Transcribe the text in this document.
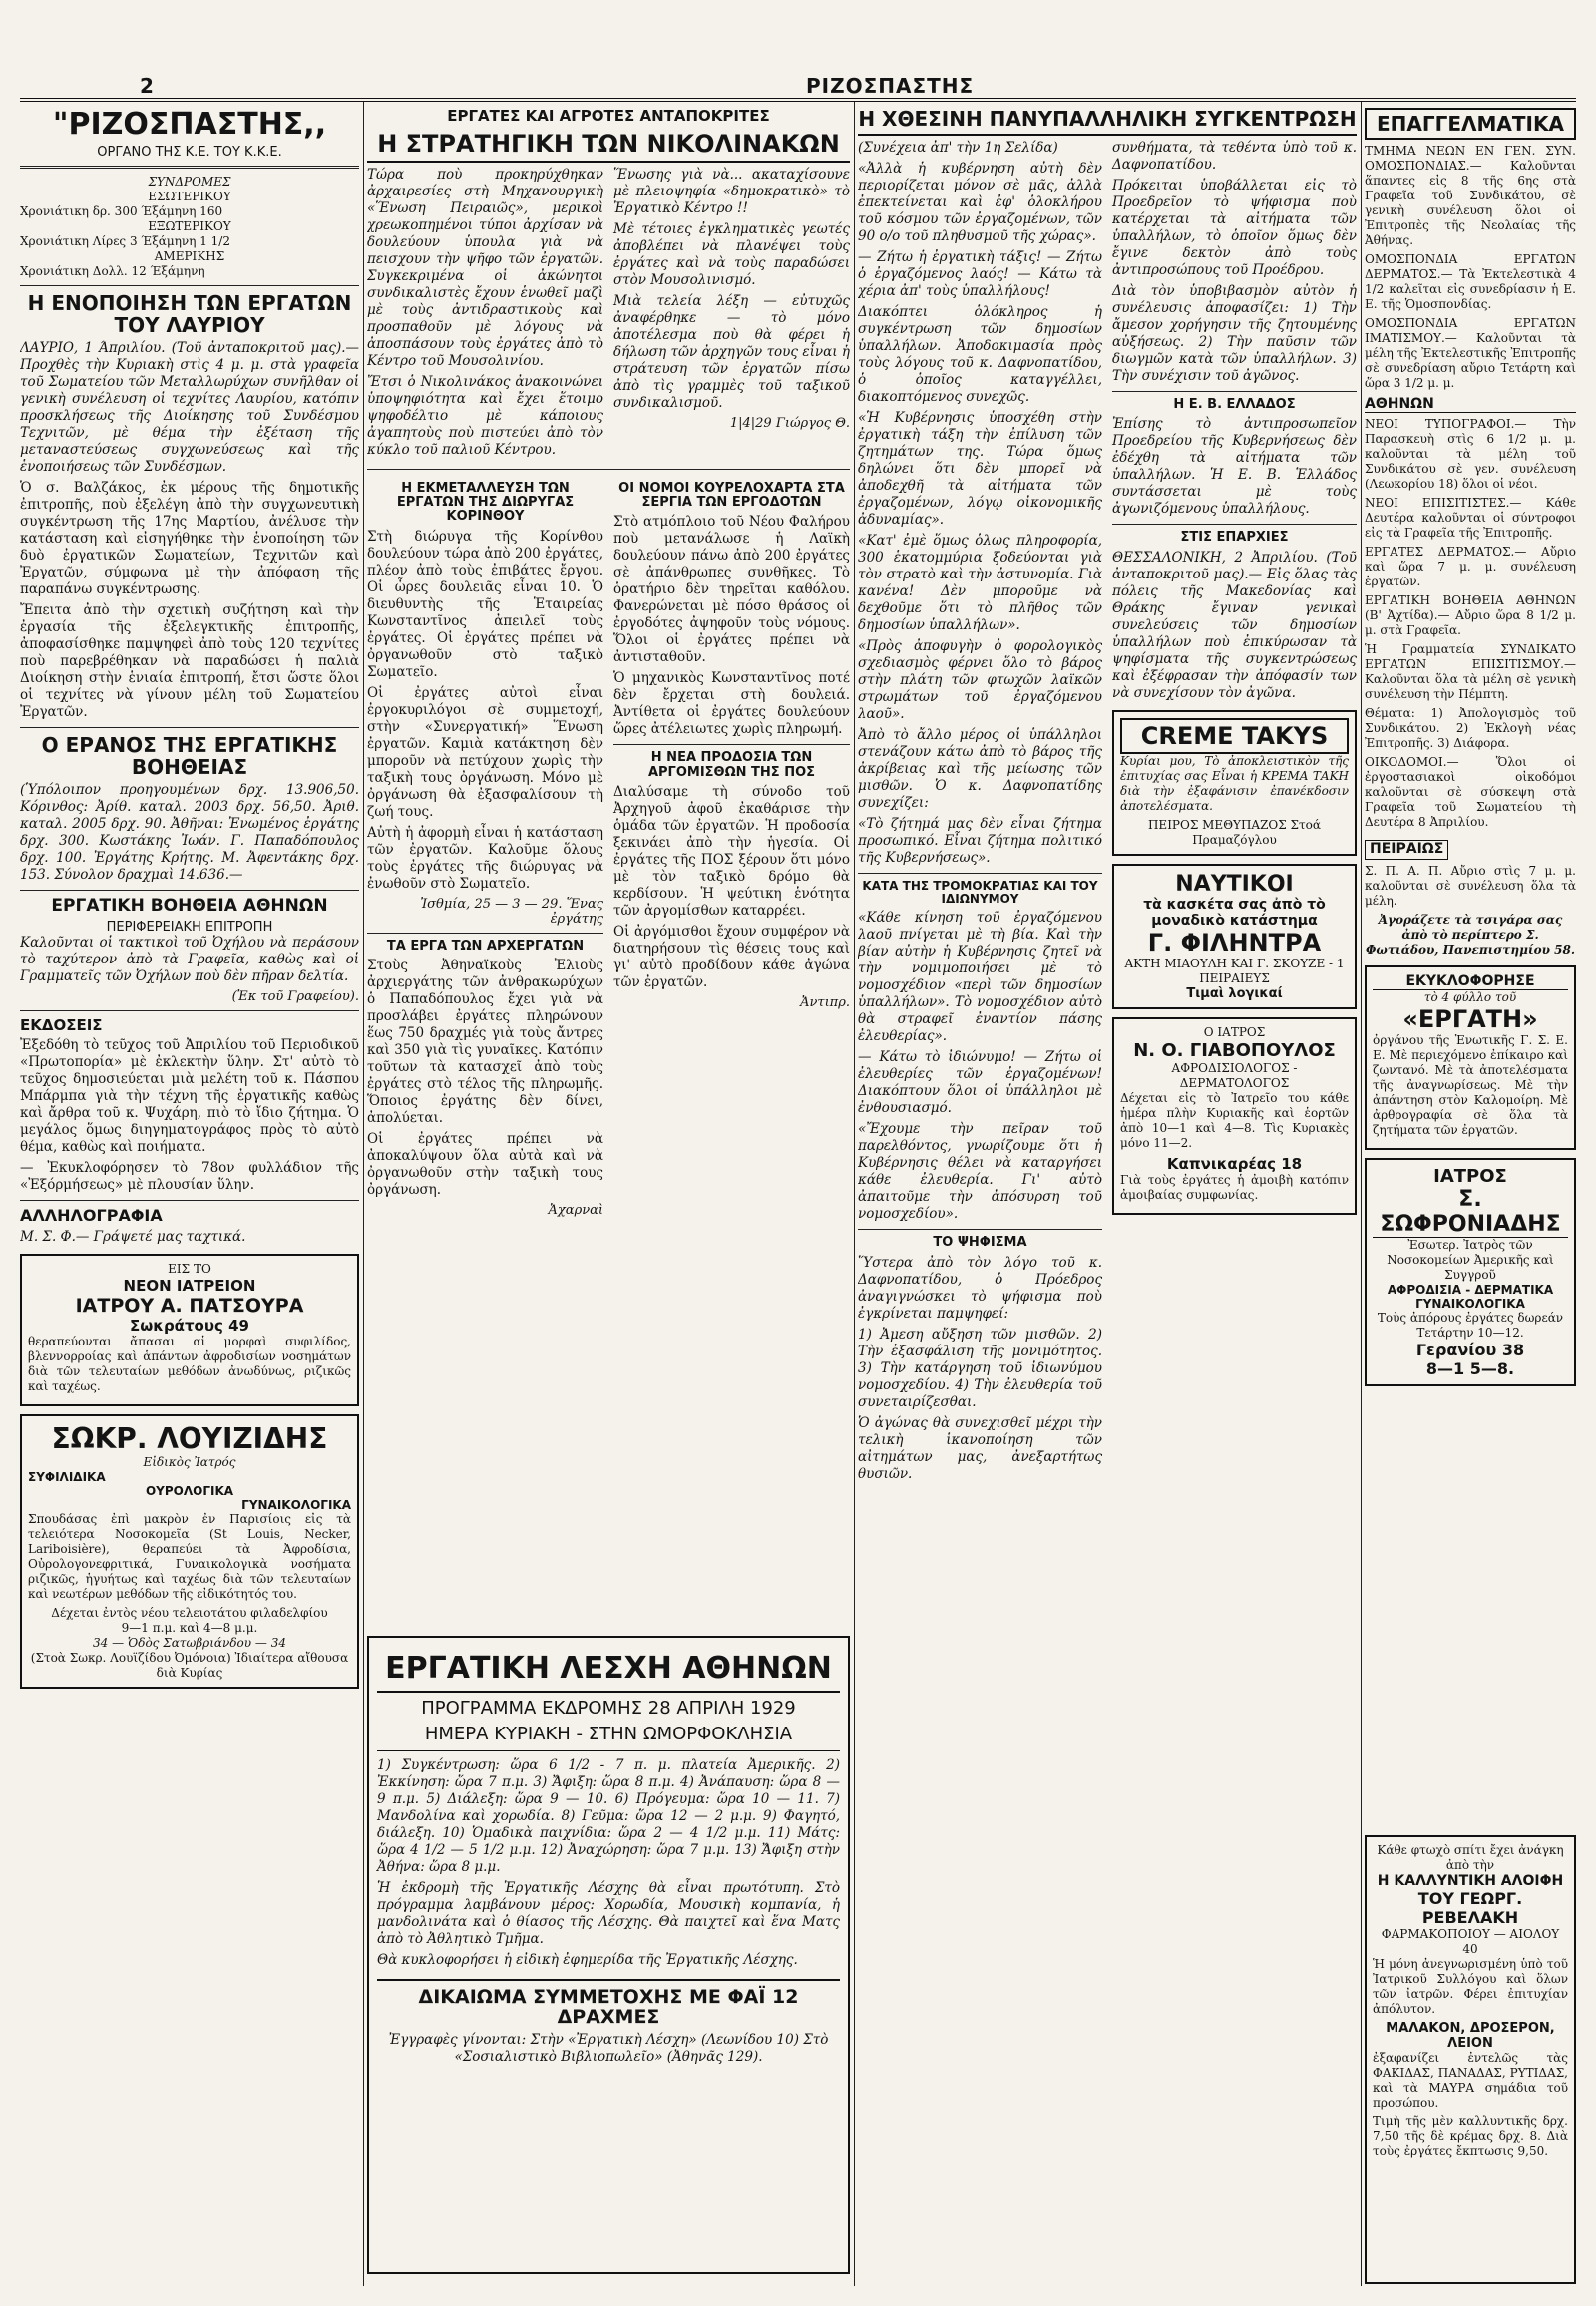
2	ΡΙΖΟΣΠΑΣΤΗΣ
"ΡΙΖΟΣΠΑΣΤΗΣ,,
ΟΡΓΑΝΟ ΤΗΣ Κ.Ε. ΤΟΥ Κ.Κ.Ε.
ΣΥΝΔΡΟΜΕΣ
ΕΣΩΤΕΡΙΚΟΥ
Χρονιάτικη δρ. 300 Έξάμηνη 160
ΕΞΩΤΕΡΙΚΟΥ
Χρονιάτικη Λίρες 3 Έξάμηνη 1 1/2
ΑΜΕΡΙΚΗΣ
Χρονιάτικη Δολλ. 12 Έξάμηνη
Η ΕΝΟΠΟΙΗΣΗ ΤΩΝ ΕΡΓΑΤΩΝ ΤΟΥ ΛΑΥΡΙΟΥ

ΛΑΥΡΙΟ, 1 Άπριλίου. (Τοῦ ἀνταποκριτοῦ μας).— Προχθὲς τὴν Κυριακὴ στὶς 4 μ. μ. στὰ γραφεῖα τοῦ Σωματείου τῶν Μεταλλωρύχων συνῆλθαν οἱ γενικὴ συνέλευση οἱ τεχνίτες Λαυρίου, κατόπιν προσκλήσεως τῆς Διοίκησης τοῦ Συνδέσμου Τεχνιτῶν, μὲ θέμα τὴν ἐξέταση τῆς μεταναστεύσεως συγχωνεύσεως καὶ τῆς ἑνοποιήσεως τῶν Συνδέσμων.

Ὁ σ. Βαλζάκος, ἐκ μέρους τῆς δηµοτικῆς ἐπιτροπῆς, ποὺ ἐξελέγη ἀπὸ τὴν συγχωνευτικὴ συγκέντρωση τῆς 17ης Μαρτίου, ἀνέλυσε τὴν κατάσταση καὶ εἰσηγήθηκε τὴν ἑνοποίηση τῶν δυὸ ἐργατικῶν Σωματείων, Τεχνιτῶν καὶ Ἐργατῶν, σύμφωνα μὲ τὴν ἀπόφαση τῆς παραπάνω συγκέντρωσης.

Ἔπειτα ἀπὸ τὴν σχετικὴ συζήτηση καὶ τὴν ἐργασία τῆς ἐξελεγκτικῆς ἐπιτροπῆς, ἀποφασίσθηκε παμψηφεὶ ἀπὸ τοὺς 120 τεχνίτες ποὺ παρεβρέθηκαν νὰ παραδώσει ἡ παλιὰ Διοίκηση στὴν ἑνιαία ἐπιτροπή, ἔτσι ὥστε ὅλοι οἱ τεχνίτες νὰ γίνουν μέλη τοῦ Σωματείου Ἐργατῶν.

Ο ΕΡΑΝΟΣ ΤΗΣ ΕΡΓΑΤΙΚΗΣ ΒΟΗΘΕΙΑΣ

(Ὑπόλοιπον προηγουμένων δρχ. 13.906,50. Κόρινθος: Ἀρίθ. καταλ. 2003 δρχ. 56,50. Ἀριθ. καταλ. 2005 δρχ. 90. Ἀθῆναι: Ἐνωμένος ἐργάτης δρχ. 300. Κωστάκης Ἰωάν. Γ. Παπαδόπουλος δρχ. 100. Ἐργάτης Κρήτης. Μ. Ἀφεντάκης δρχ. 153. Σύνολον δραχμαὶ 14.636.—

ΕΡΓΑΤΙΚΗ ΒΟΗΘΕΙΑ ΑΘΗΝΩΝ
ΠΕΡΙΦΕΡΕΙΑΚΗ ΕΠΙΤΡΟΠΗ

Καλοῦνται οἱ τακτικοὶ τοῦ Ὀχήλου νὰ περάσουν τὸ ταχύτερον ἀπὸ τὰ Γραφεῖα, καθὼς καὶ οἱ Γραμματεῖς τῶν Ὀχήλων ποὺ δὲν πῆραν δελτία.

(Ἐκ τοῦ Γραφείου).
ΕΚΔΟΣΕΙΣ

Ἐξεδόθη τὸ τεῦχος τοῦ Ἀπριλίου τοῦ Περιοδικοῦ «Πρωτοπορία» μὲ ἐκλεκτὴν ὕλην. Στ' αὐτὸ τὸ τεῦχος δημοσιεύεται μιὰ μελέτη τοῦ κ. Πάσπου Μπάρμπα γιὰ τὴν τέχνη τῆς ἐργατικῆς καθὼς καὶ ἄρθρα τοῦ κ. Ψυχάρη, πιὸ τὸ ἴδιο ζήτημα. Ὁ μεγάλος ὅμως διηγηματογράφος πρὸς τὸ αὐτὸ θέμα, καθὼς καὶ ποιήματα.

— Ἐκυκλοφόρησεν τὸ 78ον φυλλάδιον τῆς «Ἐξόρμήσεως» μὲ πλουσίαν ὕλην.

ΑΛΛΗΛΟΓΡΑΦΙΑ

Μ. Σ. Φ.— Γράψετέ μας ταχτικά.

ΕΙΣ ΤΟ
ΝΕΟΝ ΙΑΤΡΕΙΟΝ
ΙΑΤΡΟΥ Α. ΠΑΤΣΟΥΡΑ
Σωκράτους 49

θεραπεύονται ἄπασαι αἱ μορφαὶ συφιλίδος, βλεννορροίας καὶ ἁπάντων ἀφροδισίων νοσημάτων διὰ τῶν τελευταίων μεθόδων ἀνωδύνως, ριζικῶς καὶ ταχέως.

ΣΩΚΡ. ΛΟΥΙΖΙΔΗΣ
Εἰδικὸς Ἰατρός
ΣΥΦΙΛΙΔΙΚΑ
ΟΥΡΟΛΟΓΙΚΑ
ΓΥΝΑΙΚΟΛΟΓΙΚΑ

Σπουδάσας ἐπὶ μακρὸν ἐν Παρισίοις εἰς τὰ τελειότερα Νοσοκομεῖα (St Louis, Necker, Lariboisière), θεραπεύει τὰ Ἀφροδίσια, Οὐρολογονεφριτικά, Γυναικολογικὰ νοσήματα ριζικῶς, ἡγυήτως καὶ ταχέως διὰ τῶν τελευταίων καὶ νεωτέρων μεθόδων τῆς εἰδικότητός του.

Δέχεται ἐντὸς νέου τελειοτάτου φιλαδελφίου
9—1 π.μ. καὶ 4—8 μ.μ.
34 — Ὁδὸς Σατωβριάνδου — 34
(Στοὰ Σωκρ. Λουϊζίδου Ὀμόνοια) Ἰδιαίτερα αἴθουσα διὰ Κυρίας
ΕΡΓΑΤΕΣ ΚΑΙ ΑΓΡΟΤΕΣ ΑΝΤΑΠΟΚΡΙΤΕΣ
Η ΣΤΡΑΤΗΓΙΚΗ ΤΩΝ ΝΙΚΟΛΙΝΑΚΩΝ

Τώρα ποὺ προκηρύχθηκαν ἀρχαιρεσίες στὴ Μηχανουργικὴ «Ἕνωση Πειραιῶς», μερικοὶ χρεωκοπημένοι τύποι ἀρχίσαν νὰ δουλεύουν ὑπουλα γιὰ νὰ πεισχουν τὴν ψῆφο τῶν ἐργατῶν. Συγκεκριμένα οἱ ἀκώνητοι συνδικαλιστὲς ἔχουν ἑνωθεῖ μαζὶ μὲ τοὺς ἀντιδραστικοὺς καὶ προσπαθοῦν μὲ λόγους νὰ ἀποσπάσουν τοὺς ἐργάτες ἀπὸ τὸ Κέντρο τοῦ Μουσολινίου.

Ἔτσι ὁ Νικολινάκος ἀνακοινώνει ὑποψηφιότητα καὶ ἔχει ἕτοιμο ψηφοδέλτιο μὲ κάποιους ἀγαπητοὺς ποὺ πιστεύει ἀπὸ τὸν κύκλο τοῦ παλιοῦ Κέντρου.

Ἕνωσης γιὰ νὰ... ακαταχίσουνε μὲ πλειοψηφία «δημοκρατικὸ» τὸ Ἐργατικὸ Κέντρο !!

Μὲ τέτοιες ἐγκληματικὲς γεωτές ἀποβλέπει νὰ πλανέψει τοὺς ἐργάτες καὶ νὰ τοὺς παραδώσει στὸν Μουσολινισμό.

Μιὰ τελεία λέξη — εὐτυχῶς ἀναφέρθηκε — τὸ μόνο ἀποτέλεσμα ποὺ θὰ φέρει ἡ δήλωση τῶν ἀρχηγῶν τους εἶναι ἡ στράτευση τῶν ἐργατῶν πίσω ἀπὸ τὶς γραμμὲς τοῦ ταξικοῦ συνδικαλισμοῦ.

1|4|29 Γιώργος Θ.
Η ΕΚΜΕΤΑΛΛΕΥΣΗ ΤΩΝ ΕΡΓΑΤΩΝ ΤΗΣ ΔΙΩΡΥΓΑΣ ΚΟΡΙΝΘΟΥ

Στὴ διώρυγα τῆς Κορίνθου δουλεύουν τώρα ἀπὸ 200 ἐργάτες, πλέον ἀπὸ τοὺς ἐπιβάτες ἔργου. Οἱ ὧρες δουλειᾶς εἶναι 10. Ὁ διευθυντὴς τῆς Ἑταιρείας Κωνσταντῖνος ἀπειλεῖ τοὺς ἐργάτες. Οἱ ἐργάτες πρέπει νὰ ὀργανωθοῦν στὸ ταξικὸ Σωματεῖο.

Οἱ ἐργάτες αὐτοὶ εἶναι ἐργοκυριλόγοι σὲ συμμετοχή, στὴν «Συνεργατική» Ἕνωση ἐργατῶν. Καμιὰ κατάκτηση δὲν μποροῦν νὰ πετύχουν χωρὶς τὴν ταξικὴ τους ὀργάνωση. Μόνο μὲ ὀργάνωση θὰ ἐξασφαλίσουν τὴ ζωή τους.

Αὐτὴ ἡ ἀφορμὴ εἶναι ἡ κατάσταση τῶν ἐργατῶν. Καλοῦμε ὅλους τοὺς ἐργάτες τῆς διώρυγας νὰ ἐνωθοῦν στὸ Σωματεῖο.

Ἰσθμία, 25 — 3 — 29. Ἕνας ἐργάτης
ΤΑ ΕΡΓΑ ΤΩΝ ΑΡΧΕΡΓΑΤΩΝ

Στοὺς Ἀθηναϊκοὺς Ἐλιοὺς ἀρχιεργάτης τῶν ἀνθρακωρύχων ὁ Παπαδόπουλος ἔχει γιὰ νὰ προσλάβει ἐργάτες πληρώνουν ἕως 750 δραχμές γιὰ τοὺς ἄντρες καὶ 350 γιὰ τὶς γυναῖκες. Κατόπιν τοῦτων τὰ κατασχεῖ ἀπὸ τοὺς ἐργάτες στὸ τέλος τῆς πληρωμῆς. Ὅποιος ἐργάτης δὲν δίνει, ἀπολύεται.

Οἱ ἐργάτες πρέπει νὰ ἀποκαλύψουν ὅλα αὐτὰ καὶ νὰ ὀργανωθοῦν στὴν ταξικὴ τους ὀργάνωση.

Ἀχαρναὶ
ΟΙ ΝΟΜΟΙ ΚΟΥΡΕΛΟΧΑΡΤΑ ΣΤΑ ΣΕΡΓΙΑ ΤΩΝ ΕΡΓΟΔΟΤΩΝ

Στὸ ατμόπλοιο τοῦ Νέου Φαλήρου ποὺ μετανάλωσε ἡ Λαϊκὴ δουλεύουν πάνω ἀπὸ 200 ἐργάτες σὲ ἀπάνθρωπες συνθῆκες. Τὸ ὁρατήριο δὲν τηρεῖται καθόλου. Φανερώνεται μὲ πόσο θράσος οἱ ἐργοδότες ἀψηφοῦν τοὺς νόμους. Ὅλοι οἱ ἐργάτες πρέπει νὰ ἀντισταθοῦν.

Ὁ μηχανικὸς Κωνσταντῖνος ποτέ δὲν ἔρχεται στὴ δουλειά. Ἀντίθετα οἱ ἐργάτες δουλεύουν ὥρες ἀτέλειωτες χωρὶς πληρωμή.

Η ΝΕΑ ΠΡΟΔΟΣΙΑ ΤΩΝ ΑΡΓΟΜΙΣΘΩΝ ΤΗΣ ΠΟΣ

Διαλύσαμε τὴ σύνοδο τοῦ Ἀρχηγοῦ ἀφοῦ ἐκαθάρισε τὴν ὁμάδα τῶν ἐργατῶν. Ἡ προδοσία ξεκινάει ἀπὸ τὴν ἡγεσία. Οἱ ἐργάτες τῆς ΠΟΣ ξέρουν ὅτι μόνο μὲ τὸν ταξικὸ δρόμο θὰ κερδίσουν. Ἡ ψεύτικη ἑνότητα τῶν ἀργομίσθων καταρρέει.

Οἱ ἀργόμισθοι ἔχουν συμφέρον νὰ διατηρήσουν τὶς θέσεις τους καὶ γι' αὐτὸ προδίδουν κάθε ἀγώνα τῶν ἐργατῶν.

Ἀντιπρ.
ΕΡΓΑΤΙΚΗ ΛΕΣΧΗ ΑΘΗΝΩΝ
ΠΡΟΓΡΑΜΜΑ ΕΚΔΡΟΜΗΣ 28 ΑΠΡΙΛΗ 1929
ΗΜΕΡΑ ΚΥΡΙΑΚΗ - ΣΤΗΝ ΩΜΟΡΦΟΚΛΗΣΙΑ

1) Συγκέντρωση: ὥρα 6 1/2 - 7 π. μ. πλατεία Ἀμερικῆς. 2) Ἐκκίνηση: ὥρα 7 π.μ. 3) Ἄφιξη: ὥρα 8 π.μ. 4) Ἀνάπαυση: ὥρα 8 — 9 π.μ. 5) Διάλεξη: ὥρα 9 — 10. 6) Πρόγευμα: ὥρα 10 — 11. 7) Μανδολίνα καὶ χορωδία. 8) Γεῦμα: ὥρα 12 — 2 μ.μ. 9) Φαγητό, διάλεξη. 10) Ὁμαδικὰ παιχνίδια: ὥρα 2 — 4 1/2 μ.μ. 11) Μάτς: ὥρα 4 1/2 — 5 1/2 μ.μ. 12) Ἀναχώρηση: ὥρα 7 μ.μ. 13) Ἄφιξη στὴν Ἀθήνα: ὥρα 8 μ.μ.

Ἡ ἐκδρομὴ τῆς Ἐργατικῆς Λέσχης θὰ εἶναι πρωτότυπη. Στὸ πρόγραμμα λαμβάνουν μέρος: Χορωδία, Μουσικὴ κομπανία, ἡ μανδολινάτα καὶ ὁ θίασος τῆς Λέσχης. Θὰ παιχτεῖ καὶ ἕνα Ματς ἀπὸ τὸ Ἀθλητικὸ Τμῆμα.

Θὰ κυκλοφορήσει ἡ εἰδικὴ ἐφημερίδα τῆς Ἐργατικῆς Λέσχης.

ΔΙΚΑΙΩΜΑ ΣΥΜΜΕΤΟΧΗΣ ΜΕ ΦΑΪ 12 ΔΡΑΧΜΕΣ

Ἐγγραφὲς γίνονται: Στὴν «Ἐργατικὴ Λέσχη» (Λεωνίδου 10) Στὸ «Σοσιαλιστικὸ Βιβλιοπωλεῖο» (Ἀθηνᾶς 129).

Η ΧΘΕΣΙΝΗ ΠΑΝΥΠΑΛΛΗΛΙΚΗ ΣΥΓΚΕΝΤΡΩΣΗ

(Συνέχεια ἀπ' τὴν 1η Σελίδα)

«Ἀλλὰ ἡ κυβέρνηση αὐτὴ δὲν περιορίζεται μόνον σὲ μᾶς, ἀλλὰ ἐπεκτείνεται καὶ ἐφ' ὁλοκλήρου τοῦ κόσμου τῶν ἐργαζομένων, τῶν 90 ο/ο τοῦ πληθυσμοῦ τῆς χώρας».

— Ζήτω ἡ ἐργατικὴ τάξις! — Ζήτω ὁ ἐργαζόμενος λαός! — Κάτω τὰ χέρια ἀπ' τοὺς ὑπαλλήλους!

Διακόπτει ὁλόκληρος ἡ συγκέντρωση τῶν δημοσίων ὑπαλλήλων. Ἀποδοκιμασία πρὸς τοὺς λόγους τοῦ κ. Δαφνοπατίδου, ὁ ὁποῖος καταγγέλλει, διακοπτόμενος συνεχῶς.

«Ἡ Κυβέρνησις ὑποσχέθη στὴν ἐργατικὴ τάξη τὴν ἐπίλυση τῶν ζητημάτων της. Τώρα ὅμως δηλώνει ὅτι δὲν μπορεῖ νὰ ἀποδεχθῆ τὰ αἰτήματα τῶν ἐργαζομένων, λόγῳ οἰκονομικῆς ἀδυναμίας».

«Κατ' ἐμὲ ὅμως ὁλως πληροφορία, 300 ἑκατομμύρια ξοδεύονται γιὰ τὸν στρατὸ καὶ τὴν ἀστυνομία. Γιὰ κανένα! Δὲν μποροῦμε νὰ δεχθοῦμε ὅτι τὸ πλῆθος τῶν δημοσίων ὑπαλλήλων».

«Πρὸς ἀποφυγὴν ὁ φορολογικὸς σχεδιασμὸς φέρνει ὅλο τὸ βάρος στὴν πλάτη τῶν φτωχῶν λαϊκῶν στρωμάτων τοῦ ἐργαζόμενου λαοῦ».

Ἀπὸ τὸ ἄλλο μέρος οἱ ὑπάλληλοι στενάζουν κάτω ἀπὸ τὸ βάρος τῆς ἀκρίβειας καὶ τῆς μείωσης τῶν μισθῶν. Ὁ κ. Δαφνοπατίδης συνεχίζει:

«Τὸ ζήτημά μας δὲν εἶναι ζήτημα προσωπικό. Εἶναι ζήτημα πολιτικό τῆς Κυβερνήσεως».

ΚΑΤΑ ΤΗΣ ΤΡΟΜΟΚΡΑΤΙΑΣ ΚΑΙ ΤΟΥ ΙΔΙΩΝΥΜΟΥ

«Κάθε κίνηση τοῦ ἐργαζόμενου λαοῦ πνίγεται μὲ τὴ βία. Καὶ τὴν βίαν αὐτὴν ἡ Κυβέρνησις ζητεῖ νὰ τὴν νομιμοποιήσει μὲ τὸ νομοσχέδιον «περὶ τῶν δημοσίων ὑπαλλήλων». Τὸ νομοσχέδιον αὐτὸ θὰ στραφεῖ ἐναντίον πάσης ἐλευθερίας».

— Κάτω τὸ ἰδιώνυμο! — Ζήτω οἱ ἐλευθερίες τῶν ἐργαζομένων! Διακόπτουν ὅλοι οἱ ὑπάλληλοι μὲ ἐνθουσιασμό.

«Ἔχουμε τὴν πεῖραν τοῦ παρελθόντος, γνωρίζουμε ὅτι ἡ Κυβέρνησις θέλει νὰ καταργήσει κάθε ἐλευθερία. Γι' αὐτὸ ἀπαιτοῦμε τὴν ἀπόσυρση τοῦ νομοσχεδίου».

ΤΟ ΨΗΦΙΣΜΑ

Ὕστερα ἀπὸ τὸν λόγο τοῦ κ. Δαφνοπατίδου, ὁ Πρόεδρος ἀναγιγνώσκει τὸ ψήφισμα ποὺ ἐγκρίνεται παμψηφεί:

1) Ἀμεση αὔξηση τῶν μισθῶν. 2) Τὴν ἐξασφάλιση τῆς μονιμότητος. 3) Τὴν κατάργηση τοῦ ἰδιωνύμου νομοσχεδίου. 4) Τὴν ἐλευθερία τοῦ συνεταιρίζεσθαι.

Ὁ ἀγώνας θὰ συνεχισθεῖ μέχρι τὴν τελικὴ ἱκανοποίηση τῶν αἰτημάτων μας, ἀνεξαρτήτως θυσιῶν.

συνθήματα, τὰ τεθέντα ὑπὸ τοῦ κ. Δαφνοπατίδου.

Πρόκειται ὑποβάλλεται εἰς τὸ Προεδρεῖον τὸ ψήφισμα ποὺ κατέρχεται τὰ αἰτήματα τῶν ὑπαλλήλων, τὸ ὁποῖον ὅμως δὲν ἔγινε δεκτὸν ἀπὸ τοὺς ἀντιπροσώπους τοῦ Προέδρου.

Διὰ τὸν ὑποβιβασμὸν αὐτὸν ἡ συνέλευσις ἀποφασίζει: 1) Τὴν ἄμεσον χορήγησιν τῆς ζητουμένης αὐξήσεως. 2) Τὴν παῦσιν τῶν διωγμῶν κατὰ τῶν ὑπαλλήλων. 3) Τὴν συνέχισιν τοῦ ἀγῶνος.

Η Ε. Β. ΕΛΛΑΔΟΣ

Ἐπίσης τὸ ἀντιπροσωπεῖον Προεδρείου τῆς Κυβερνήσεως δὲν ἐδέχθη τὰ αἰτήματα τῶν ὑπαλλήλων. Ἡ Ε. Β. Ἑλλάδος συντάσσεται μὲ τοὺς ἀγωνιζόμενους ὑπαλλήλους.

ΣΤΙΣ ΕΠΑΡΧΙΕΣ

ΘΕΣΣΑΛΟΝΙΚΗ, 2 Ἀπριλίου. (Τοῦ ἀνταποκριτοῦ μας).— Εἰς ὅλας τὰς πόλεις τῆς Μακεδονίας καὶ Θράκης ἔγιναν γενικαὶ συνελεύσεις τῶν δημοσίων ὑπαλλήλων ποὺ ἐπικύρωσαν τὰ ψηφίσματα τῆς συγκεντρώσεως καὶ ἐξέφρασαν τὴν ἀπόφασίν των νὰ συνεχίσουν τὸν ἀγῶνα.

CREME TAKYS

Κυρίαι μου, Τὸ ἀποκλειστικὸν τῆς ἐπιτυχίας σας Εἶναι ἡ ΚΡΕΜΑ ΤΑΚΗ διὰ τὴν ἐξαφάνισιν ἐπανέκδοσιν ἀποτελέσματα.

ΠΕΙΡΟΣ ΜΕΘΥΠΑΖΟΣ Στοά Πραμαζόγλου
ΝΑΥΤΙΚΟΙ
τὰ κασκέτα σας ἀπὸ τὸ μοναδικὸ κατάστημα
Γ. ΦΙΛΗΝΤΡΑ
ΑΚΤΗ ΜΙΑΟΥΛΗ ΚΑΙ Γ. ΣΚΟΥΖΕ - 1 ΠΕΙΡΑΙΕΥΣ
Τιμαὶ λογικαί
Ο ΙΑΤΡΟΣ
Ν. Ο. ΓΙΑΒΟΠΟΥΛΟΣ
ΑΦΡΟΔΙΣΙΟΛΟΓΟΣ - ΔΕΡΜΑΤΟΛΟΓΟΣ

Δέχεται εἰς τὸ Ἰατρεῖο του κάθε ἡμέρα πλὴν Κυριακῆς καὶ ἑορτῶν ἀπὸ 10—1 καὶ 4—8. Τὶς Κυριακὲς μόνο 11—2.

Καπνικαρέας 18

Γιὰ τοὺς ἐργάτες ἡ ἀμοιβὴ κατόπιν ἀμοιβαίας συμφωνίας.

ΕΠΑΓΓΕΛΜΑΤΙΚΑ

ΤΜΗΜΑ ΝΕΩΝ ΕΝ ΓΕΝ. ΣΥΝ. ΟΜΟΣΠΟΝΔΙΑΣ.— Καλοῦνται ἅπαντες εἰς 8 τῆς 6ης στὰ Γραφεῖα τοῦ Συνδικάτου, σὲ γενικὴ συνέλευση ὅλοι οἱ Ἐπιτροπὲς τῆς Νεολαίας τῆς Ἀθήνας.

ΟΜΟΣΠΟΝΔΙΑ ΕΡΓΑΤΩΝ ΔΕΡΜΑΤΟΣ.— Τὰ Ἐκτελεστικὰ 4 1/2 καλεῖται εἰς συνεδρίασιν ἡ Ε. Ε. τῆς Ὁμοσπονδίας.

ΟΜΟΣΠΟΝΔΙΑ ΕΡΓΑΤΩΝ ΙΜΑΤΙΣΜΟΥ.— Καλοῦνται τὰ μέλη τῆς Ἐκτελεστικῆς Ἐπιτροπῆς σὲ συνεδρίαση αὔριο Τετάρτη καὶ ὥρα 3 1/2 μ. μ.

ΑΘΗΝΩΝ

ΝΕΟΙ ΤΥΠΟΓΡΑΦΟΙ.— Τὴν Παρασκευὴ στὶς 6 1/2 μ. μ. καλοῦνται τὰ μέλη τοῦ Συνδικάτου σὲ γεν. συνέλευση (Λεωκορίου 18) ὅλοι οἱ νέοι.

ΝΕΟΙ ΕΠΙΣΙΤΙΣΤΕΣ.— Κάθε Δευτέρα καλοῦνται οἱ σύντροφοι εἰς τὰ Γραφεῖα τῆς Ἐπιτροπῆς.

ΕΡΓΑΤΕΣ ΔΕΡΜΑΤΟΣ.— Αὔριο καὶ ὥρα 7 μ. μ. συνέλευση ἐργατῶν.

ΕΡΓΑΤΙΚΗ ΒΟΗΘΕΙΑ ΑΘΗΝΩΝ (Β' Ἀχτίδα).— Αὔριο ὥρα 8 1/2 μ. μ. στὰ Γραφεῖα.

Ἡ Γραμματεία ΣΥΝΔΙΚΑΤΟ ΕΡΓΑΤΩΝ ΕΠΙΣΙΤΙΣΜΟΥ.— Καλοῦνται ὅλα τὰ μέλη σὲ γενικὴ συνέλευση τὴν Πέμπτη.

Θέματα: 1) Ἀπολογισμὸς τοῦ Συνδικάτου. 2) Ἐκλογὴ νέας Ἐπιτροπῆς. 3) Διάφορα.

ΟΙΚΟΔΟΜΟΙ.— Ὅλοι οἱ ἐργοστασιακοὶ οἰκοδόμοι καλοῦνται σὲ σύσκεψη στὰ Γραφεῖα τοῦ Σωματείου τὴ Δευτέρα 8 Ἀπριλίου.

ΠΕΙΡΑΙΩΣ

Σ. Π. Α. Π. Αὔριο στὶς 7 μ. μ. καλοῦνται σὲ συνέλευση ὅλα τὰ μέλη.

Ἀγοράζετε τὰ τσιγάρα σας ἀπὸ τὸ περίπτερο Σ. Φωτιάδου, Πανεπιστημίου 58.

ΕΚΥΚΛΟΦΟΡΗΣΕ
τὸ 4 φύλλο τοῦ
«ΕΡΓΑΤΗ»

ὀργάνου τῆς Ἑνωτικῆς Γ. Σ. Ε. Ε. Μὲ περιεχόμενο ἐπίκαιρο καὶ ζωντανό. Μὲ τὰ ἀποτελέσματα τῆς ἀναγνωρίσεως. Μὲ τὴν ἀπάντηση στὸν Καλομοίρη. Μὲ ἀρθρογραφία σὲ ὅλα τὰ ζητήματα τῶν ἐργατῶν.

ΙΑΤΡΟΣ
Σ. ΣΩΦΡΟΝΙΑΔΗΣ
Ἐσωτερ. Ἰατρὸς τῶν Νοσοκομείων Ἀμερικῆς καὶ Συγγροῦ
ΑΦΡΟΔΙΣΙΑ - ΔΕΡΜΑΤΙΚΑ ΓΥΝΑΙΚΟΛΟΓΙΚΑ
Τοὺς ἀπόρους ἐργάτες δωρεάν Τετάρτην 10—12.
Γερανίου 38
8—1 5—8.
Κάθε φτωχὸ σπίτι ἔχει ἀνάγκη ἀπὸ τὴν
Η ΚΑΛΛΥΝΤΙΚΗ ΑΛΟΙΦΗ
ΤΟΥ ΓΕΩΡΓ. ΡΕΒΕΛΑΚΗ
ΦΑΡΜΑΚΟΠΟΙΟΥ — ΑΙΟΛΟΥ 40

Ἡ μόνη ἀνεγνωρισμένη ὑπὸ τοῦ Ἰατρικοῦ Συλλόγου καὶ ὅλων τῶν ἰατρῶν. Φέρει ἐπιτυχίαν ἀπόλυτον.

ΜΑΛΑΚΟΝ, ΔΡΟΣΕΡΟΝ, ΛΕΙΟΝ

ἐξαφανίζει ἐντελῶς τὰς ΦΑΚΙΔΑΣ, ΠΑΝΑΔΑΣ, ΡΥΤΙΔΑΣ, καὶ τὰ ΜΑΥΡΑ σημάδια τοῦ προσώπου.

Τιμὴ τῆς μὲν καλλυντικῆς δρχ. 7,50 τῆς δὲ κρέμας δρχ. 8. Διὰ τοὺς ἐργάτες ἔκπτωσις 9,50.
